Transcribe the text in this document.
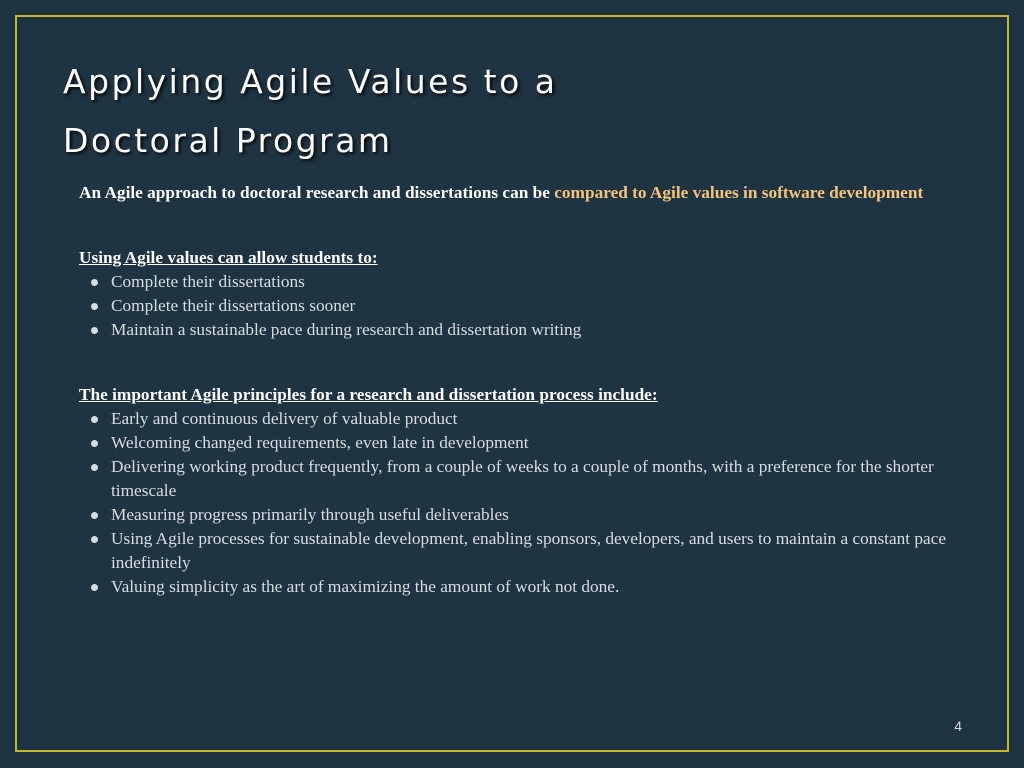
Applying Agile Values to a
Doctoral Program

An Agile approach to doctoral research and dissertations can be compared to Agile values in software development

Using Agile values can allow students to:

Complete their dissertations
Complete their dissertations sooner
Maintain a sustainable pace during research and dissertation writing

The important Agile principles for a research and dissertation process include:

Early and continuous delivery of valuable product
Welcoming changed requirements, even late in development
Delivering working product frequently, from a couple of weeks to a couple of months, with a preference for the shorter timescale
Measuring progress primarily through useful deliverables
Using Agile processes for sustainable development, enabling sponsors, developers, and users to maintain a constant pace indefinitely
Valuing simplicity as the art of maximizing the amount of work not done.
4
